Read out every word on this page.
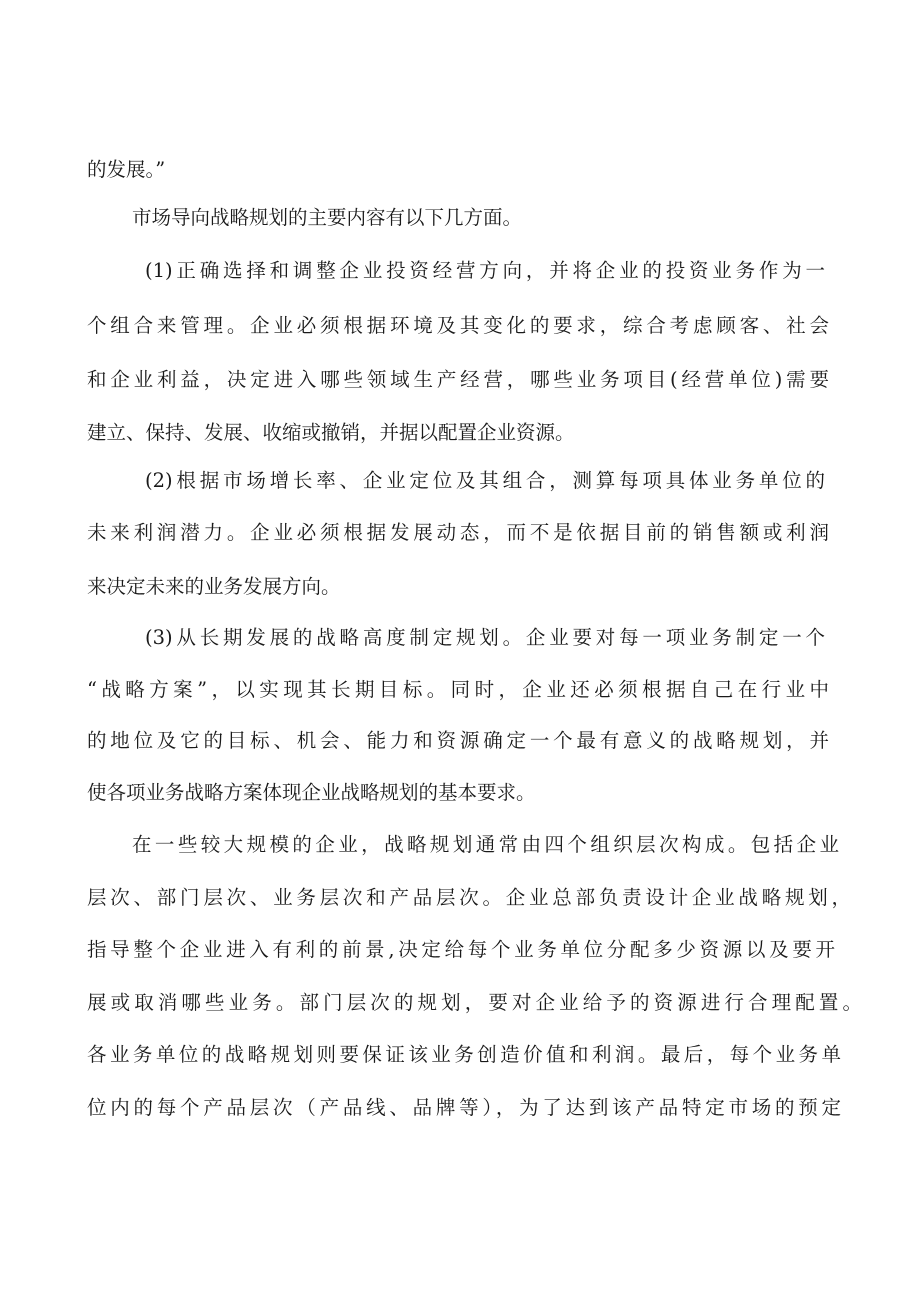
的发展。”
市场导向战略规划的主要内容有以下几方面。
(1)正确选择和调整企业投资经营方向，并将企业的投资业务作为一
个组合来管理。企业必须根据环境及其变化的要求，综合考虑顾客、社会
和企业利益，决定进入哪些领域生产经营，哪些业务项目(经营单位)需要
建立、保持、发展、收缩或撤销，并据以配置企业资源。
(2)根据市场增长率、企业定位及其组合，测算每项具体业务单位的
未来利润潜力。企业必须根据发展动态，而不是依据目前的销售额或利润
来决定未来的业务发展方向。
(3)从长期发展的战略高度制定规划。企业要对每一项业务制定一个
“战略方案”，以实现其长期目标。同时，企业还必须根据自己在行业中
的地位及它的目标、机会、能力和资源确定一个最有意义的战略规划，并
使各项业务战略方案体现企业战略规划的基本要求。
在一些较大规模的企业，战略规划通常由四个组织层次构成。包括企业
层次、部门层次、业务层次和产品层次。企业总部负责设计企业战略规划，
指导整个企业进入有利的前景,决定给每个业务单位分配多少资源以及要开
展或取消哪些业务。部门层次的规划，要对企业给予的资源进行合理配置。
各业务单位的战略规划则要保证该业务创造价值和利润。最后，每个业务单
位内的每个产品层次（产品线、品牌等），为了达到该产品特定市场的预定
